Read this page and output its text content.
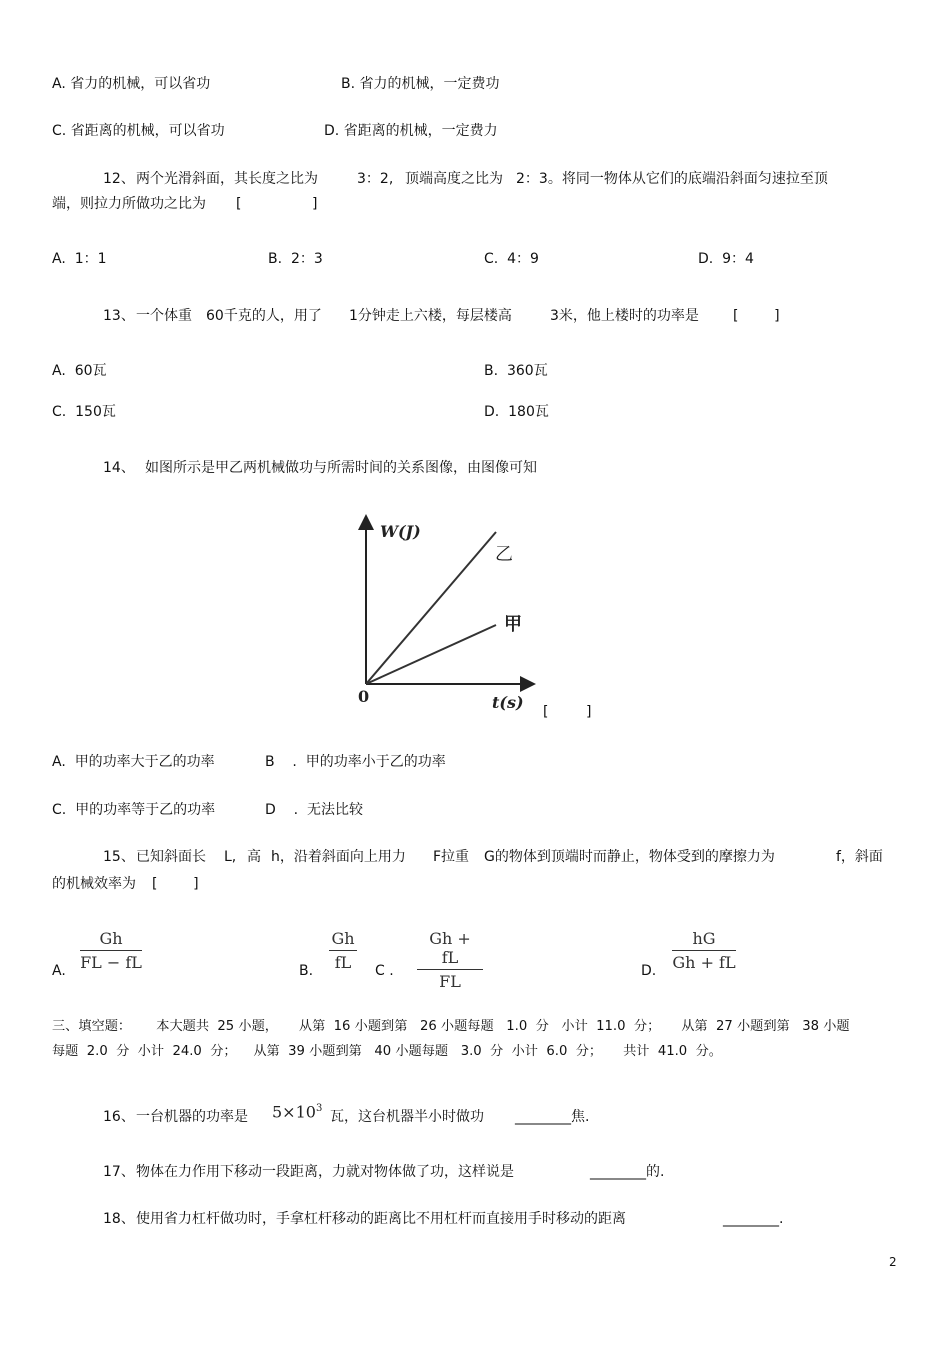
A. 省力的机械，可以省功	B. 省力的机械，一定费功
C. 省距离的机械，可以省功	D. 省距离的机械，一定费力
12、 两个光滑斜面，其长度之比为	3：2, 顶端高度之比为 2：3。将同一物体从它们的底端沿斜面匀速拉至顶
端，则拉力所做功之比为 [	]
A. 1：1	B. 2：3	C. 4：9	D. 9：4
13、 一个体重 60千克的人，用了 1分钟走上六楼，每层楼高	3米，他上楼时的功率是 [        ]
A. 60瓦	B. 360瓦
C. 150瓦	D. 180瓦
14、 如图所示是甲乙两机械做功与所需时间的关系图像，由图像可知
W(J)
t(s)
0
乙
甲
[	]
A. 甲的功率大于乙的功率	B .  甲的功率小于乙的功率
C. 甲的功率等于乙的功率	D .  无法比较
15、 已知斜面长 L, 高 h，沿着斜面向上用力 F拉重 G的物体到顶端时而静止，物体受到的摩擦力为	f，斜面
的机械效率为 [        ]
A.
Gh
FL − fL	B.
Gh
fL	C .
Gh + fL
FL
D.
hG
Gh + fL
三、填空题：      本大题共  25 小题，     从第  16 小题到第   26 小题每题   1.0  分   小计  11.0  分；     从第  27 小题到第   38 小题
每题  2.0  分  小计  24.0  分；    从第  39 小题到第   40 小题每题   3.0  分  小计  6.0  分；     共计  41.0  分。
16、 一台机器的功率是 $5\times 10^3$
瓦，这台机器半小时做功 ________焦.
17、 物体在力作用下移动一段距离，力就对物体做了功，这样说是	________的.
18、 使用省力杠杆做功时，手拿杠杆移动的距离比不用杠杆而直接用手时移动的距离	________.
2
